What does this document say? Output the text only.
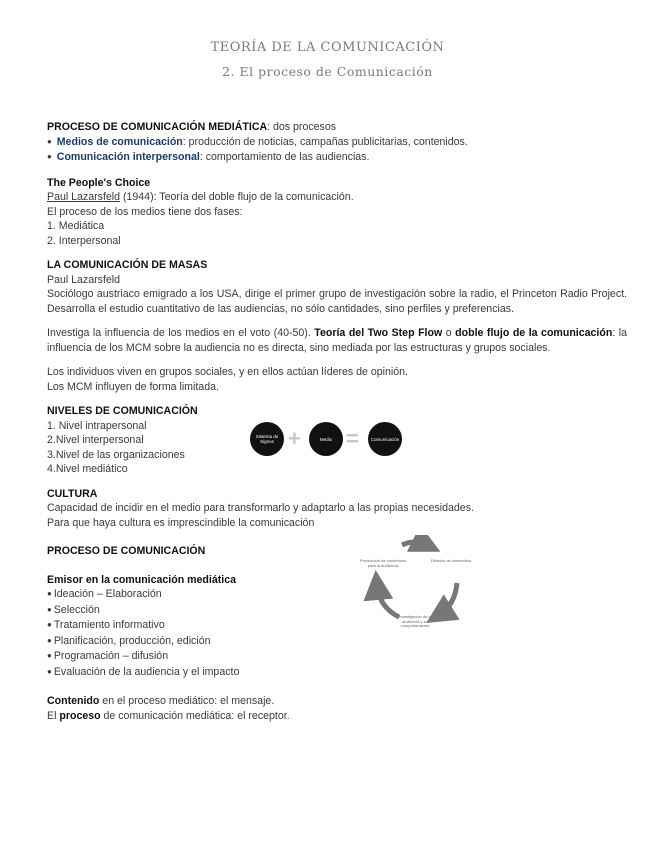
TEORÍA DE LA COMUNICACIÓN
2. El proceso de Comunicación

PROCESO DE COMUNICACIÓN MEDIÁTICA: dos procesos

● Medios de comunicación: producción de noticias, campañas publicitarias, contenidos.

● Comunicación interpersonal: comportamiento de las audiencias.

The People's Choice

Paul Lazarsfeld (1944): Teoría del doble flujo de la comunicación.

El proceso de los medios tiene dos fases:

1. Mediática

2. Interpersonal

LA COMUNICACIÓN DE MASAS

Paul Lazarsfeld

Sociólogo austriaco emigrado a los USA, dirige el primer grupo de investigación sobre la radio, el Princeton Radio Project. Desarrolla el estudio cuantitativo de las audiencias, no sólo cantidades, sino perfiles y preferencias.

Investiga la influencia de los medios en el voto (40-50). Teoría del Two Step Flow o doble flujo de la comunicación: la influencia de los MCM sobre la audiencia no es directa, sino mediada por las estructuras y grupos sociales.

Los individuos viven en grupos sociales, y en ellos actúan líderes de opinión.

Los MCM influyen de forma limitada.

NIVELES DE COMUNICACIÓN

1. Nivel intrapersonal

2.Nivel interpersonal

3.Nivel de las organizaciones

4.Nivel mediático

CULTURA

Capacidad de incidir en el medio para transformarlo y adaptarlo a las propias necesidades.

Para que haya cultura es imprescindible la comunicación

PROCESO DE COMUNICACIÓN

Emisor en la comunicación mediática

● Ideación – Elaboración

● Selección

● Tratamiento informativo

● Planificación, producción, edición

● Programación – difusión

● Evaluación de la audiencia y el impacto

Contenido en el proceso mediático: el mensaje.

El proceso de comunicación mediática: el receptor.

Sistema de Signos +	Medio =	Comunicación
Producción de contenidos para la audiencia
Difusión de contenidos
Investigación de la audiencia y su comportamiento
